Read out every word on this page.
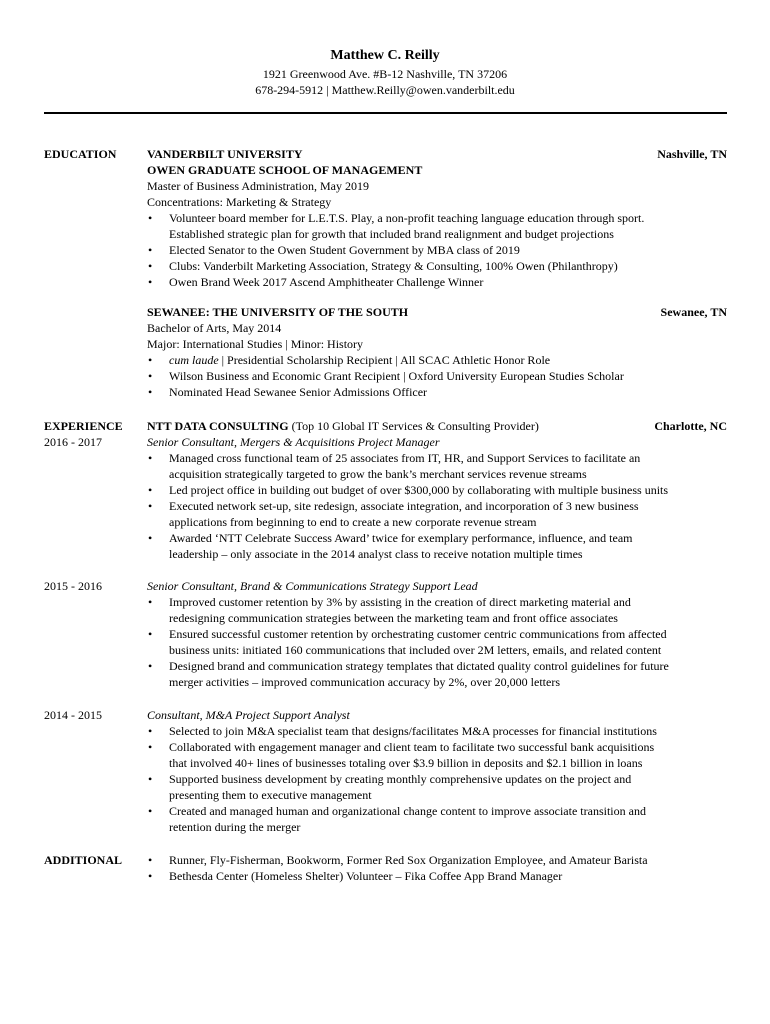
Matthew C. Reilly
1921 Greenwood Ave. #B-12 Nashville, TN 37206
678-294-5912 | Matthew.Reilly@owen.vanderbilt.edu
EDUCATION	VANDERBILT UNIVERSITY	Nashville, TN
OWEN GRADUATE SCHOOL OF MANAGEMENT
Master of Business Administration, May 2019
Concentrations: Marketing & Strategy
• Volunteer board member for L.E.T.S. Play, a non-profit teaching language education through sport.
Established strategic plan for growth that included brand realignment and budget projections
• Elected Senator to the Owen Student Government by MBA class of 2019
• Clubs: Vanderbilt Marketing Association, Strategy & Consulting, 100% Owen (Philanthropy)
• Owen Brand Week 2017 Ascend Amphitheater Challenge Winner
SEWANEE: THE UNIVERSITY OF THE SOUTH	Sewanee, TN
Bachelor of Arts, May 2014
Major: International Studies | Minor: History
• cum laude | Presidential Scholarship Recipient | All SCAC Athletic Honor Role
• Wilson Business and Economic Grant Recipient | Oxford University European Studies Scholar
• Nominated Head Sewanee Senior Admissions Officer
EXPERIENCE
2016 - 2017
NTT DATA CONSULTING (Top 10 Global IT Services & Consulting Provider)	Charlotte, NC
Senior Consultant, Mergers & Acquisitions Project Manager
• Managed cross functional team of 25 associates from IT, HR, and Support Services to facilitate an
acquisition strategically targeted to grow the bank’s merchant services revenue streams
• Led project office in building out budget of over $300,000 by collaborating with multiple business units
• Executed network set-up, site redesign, associate integration, and incorporation of 3 new business
applications from beginning to end to create a new corporate revenue stream
• Awarded ‘NTT Celebrate Success Award’ twice for exemplary performance, influence, and team
leadership – only associate in the 2014 analyst class to receive notation multiple times
2015 - 2016	Senior Consultant, Brand & Communications Strategy Support Lead
• Improved customer retention by 3% by assisting in the creation of direct marketing material and
redesigning communication strategies between the marketing team and front office associates
• Ensured successful customer retention by orchestrating customer centric communications from affected
business units: initiated 160 communications that included over 2M letters, emails, and related content
• Designed brand and communication strategy templates that dictated quality control guidelines for future
merger activities – improved communication accuracy by 2%, over 20,000 letters
2014 - 2015	Consultant, M&A Project Support Analyst
• Selected to join M&A specialist team that designs/facilitates M&A processes for financial institutions
• Collaborated with engagement manager and client team to facilitate two successful bank acquisitions
that involved 40+ lines of businesses totaling over $3.9 billion in deposits and $2.1 billion in loans
• Supported business development by creating monthly comprehensive updates on the project and
presenting them to executive management
• Created and managed human and organizational change content to improve associate transition and
retention during the merger
ADDITIONAL
•	Runner, Fly-Fisherman, Bookworm, Former Red Sox Organization Employee, and Amateur Barista
• Bethesda Center (Homeless Shelter) Volunteer – Fika Coffee App Brand Manager
